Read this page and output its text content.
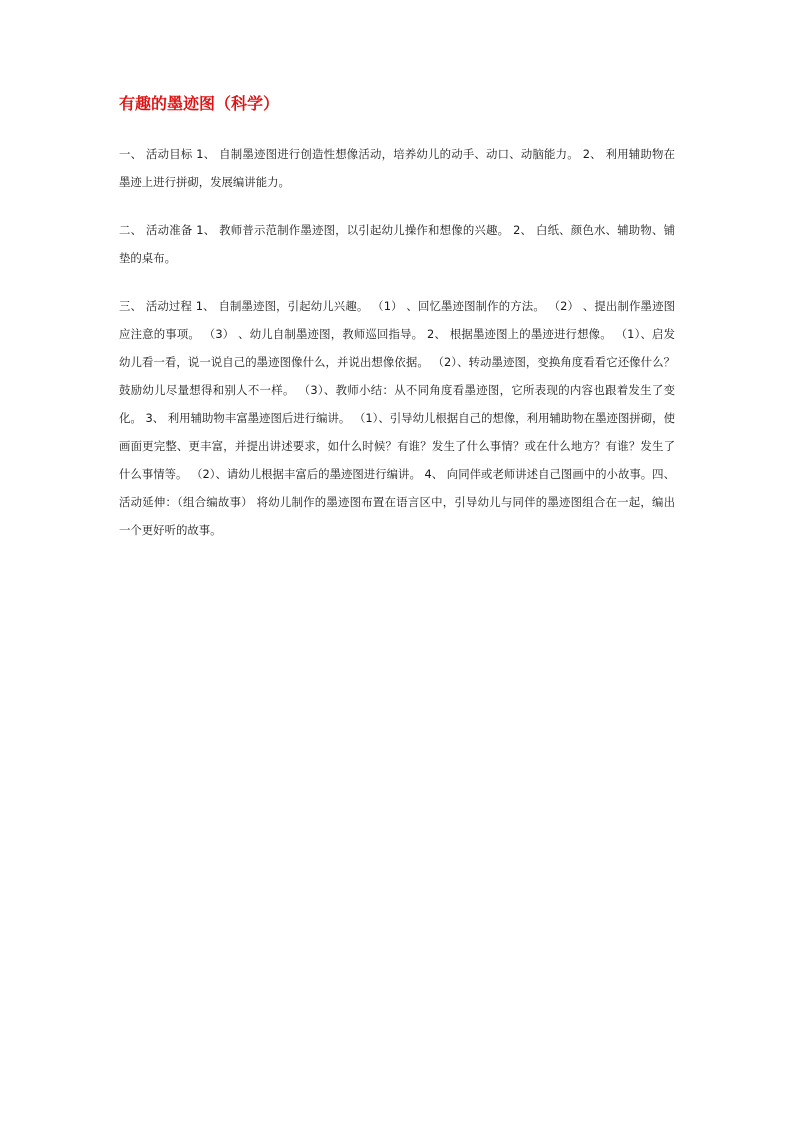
有趣的墨迹图（科学）

一、 活动目标 1、 自制墨迹图进行创造性想像活动，培养幼儿的动手、动口、动脑能力。 2、 利用辅助物在墨迹上进行拼砌，发展编讲能力。

二、 活动准备 1、 教师普示范制作墨迹图，以引起幼儿操作和想像的兴趣。 2、 白纸、颜色水、辅助物、铺垫的桌布。

三、 活动过程 1、 自制墨迹图，引起幼儿兴趣。 （1） 、回忆墨迹图制作的方法。 （2） 、提出制作墨迹图应注意的事项。 （3） 、幼儿自制墨迹图，教师巡回指导。 2、 根据墨迹图上的墨迹进行想像。 （1）、启发幼儿看一看，说一说自己的墨迹图像什么，并说出想像依据。 （2）、转动墨迹图，变换角度看看它还像什么？鼓励幼儿尽量想得和别人不一样。 （3）、教师小结：从不同角度看墨迹图，它所表现的内容也跟着发生了变化。 3、 利用辅助物丰富墨迹图后进行编讲。 （1）、引导幼儿根据自己的想像，利用辅助物在墨迹图拼砌，使画面更完整、更丰富，并提出讲述要求，如什么时候？有谁？发生了什么事情？或在什么地方？有谁？发生了什么事情等。 （2）、请幼儿根据丰富后的墨迹图进行编讲。 4、 向同伴或老师讲述自己图画中的小故事。四、 活动延伸：（组合编故事） 将幼儿制作的墨迹图布置在语言区中，引导幼儿与同伴的墨迹图组合在一起，编出一个更好听的故事。
